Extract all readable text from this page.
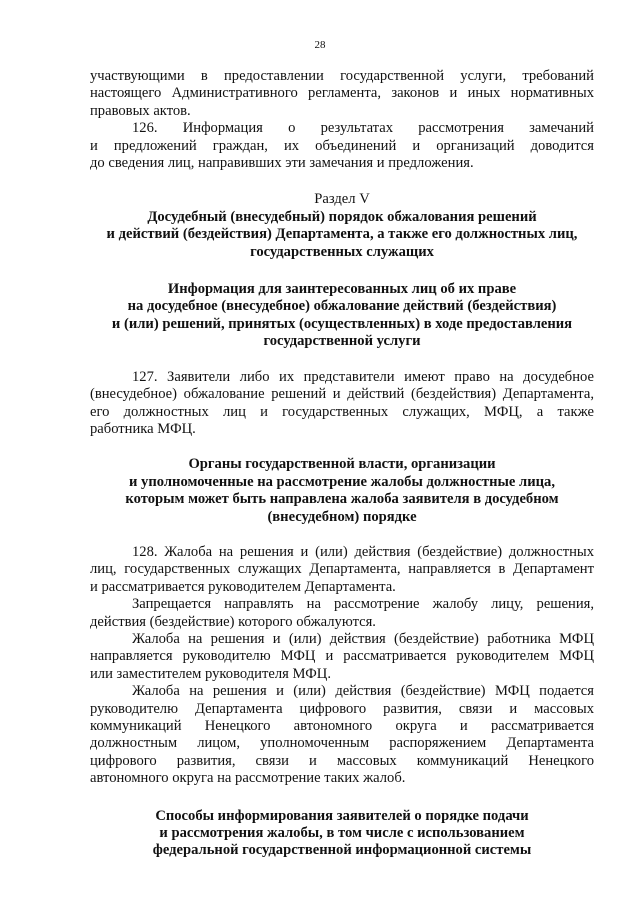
28
участвующими в предоставлении государственной услуги, требований
настоящего Административного регламента, законов и иных нормативных
правовых актов.
126. Информация о результатах рассмотрения замечаний
и предложений граждан, их объединений и организаций доводится
до сведения лиц, направивших эти замечания и предложения.
Раздел V
Досудебный (внесудебный) порядок обжалования решений
и действий (бездействия) Департамента, а также его должностных лиц,
государственных служащих
Информация для заинтересованных лиц об их праве
на досудебное (внесудебное) обжалование действий (бездействия)
и (или) решений, принятых (осуществленных) в ходе предоставления
государственной услуги
127. Заявители либо их представители имеют право на досудебное
(внесудебное) обжалование решений и действий (бездействия) Департамента,
его должностных лиц и государственных служащих, МФЦ, а также
работника МФЦ.
Органы государственной власти, организации
и уполномоченные на рассмотрение жалобы должностные лица,
которым может быть направлена жалоба заявителя в досудебном
(внесудебном) порядке
128. Жалоба на решения и (или) действия (бездействие) должностных
лиц, государственных служащих Департамента, направляется в Департамент
и рассматривается руководителем Департамента.
Запрещается направлять на рассмотрение жалобу лицу, решения,
действия (бездействие) которого обжалуются.
Жалоба на решения и (или) действия (бездействие) работника МФЦ
направляется руководителю МФЦ и рассматривается руководителем МФЦ
или заместителем руководителя МФЦ.
Жалоба на решения и (или) действия (бездействие) МФЦ подается
руководителю Департамента цифрового развития, связи и массовых
коммуникаций Ненецкого автономного округа и рассматривается
должностным лицом, уполномоченным распоряжением Департамента
цифрового развития, связи и массовых коммуникаций Ненецкого
автономного округа на рассмотрение таких жалоб.
Способы информирования заявителей о порядке подачи
и рассмотрения жалобы, в том числе с использованием
федеральной государственной информационной системы
